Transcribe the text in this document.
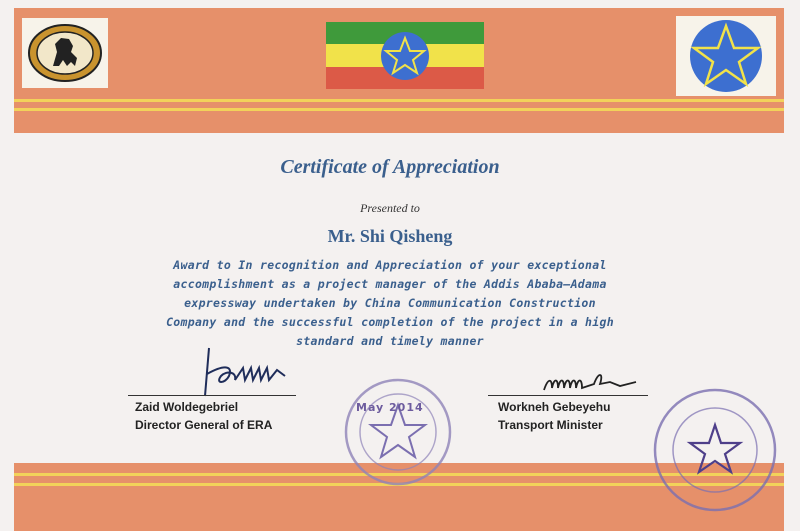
Certificate of Appreciation
Presented to
Mr. Shi Qisheng
Award to In recognition and Appreciation of your exceptional
accomplishment as a project manager of the Addis Ababa—Adama
expressway undertaken by China Communication Construction
Company and the successful completion of the project in a high
standard and timely manner
Zaid Woldegebriel
Director General of ERA
Workneh Gebeyehu
Transport Minister
May 2014
